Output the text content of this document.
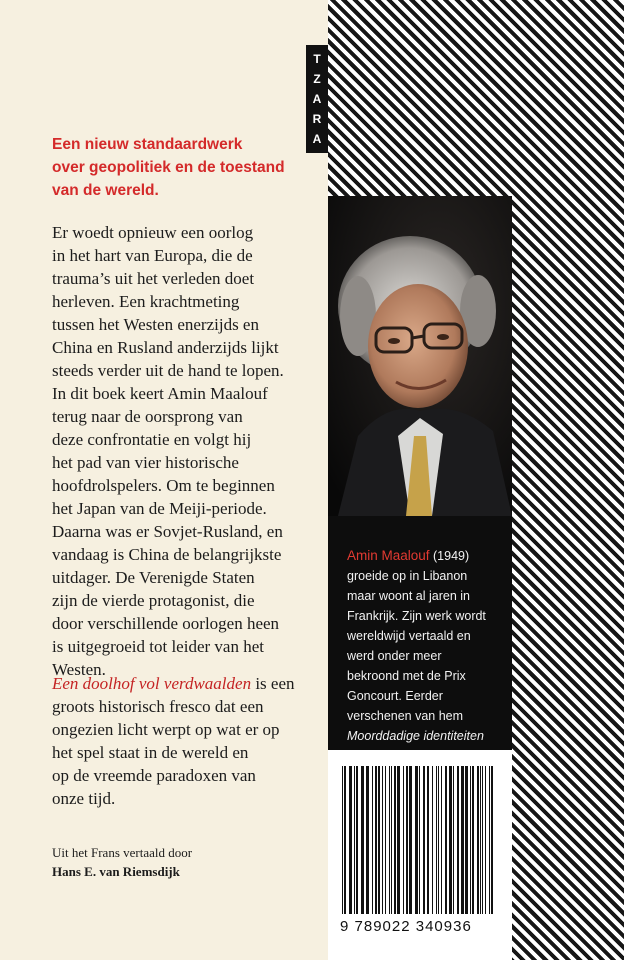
Een nieuw standaardwerk
over geopolitiek en de toestand
van de wereld.
Er woedt opnieuw een oorlog
in het hart van Europa, die de
trauma’s uit het verleden doet
herleven. Een krachtmeting
tussen het Westen enerzijds en
China en Rusland anderzijds lijkt
steeds verder uit de hand te lopen.
In dit boek keert Amin Maalouf
terug naar de oorsprong van
deze confrontatie en volgt hij
het pad van vier historische
hoofdrolspelers. Om te beginnen
het Japan van de Meiji-periode.
Daarna was er Sovjet-Rusland, en
vandaag is China de belangrijkste
uitdager. De Verenigde Staten
zijn de vierde protagonist, die
door verschillende oorlogen heen
is uitgegroeid tot leider van het
Westen.
Een doolhof vol verdwaalden is een
groots historisch fresco dat een
ongezien licht werpt op wat er op
het spel staat in de wereld en
op de vreemde paradoxen van
onze tijd.
Uit het Frans vertaald door
Hans E. van Riemsdijk
T
Z
A
R
A
Amin Maalouf (1949)
groeide op in Libanon
maar woont al jaren in
Frankrijk. Zijn werk wordt
wereldwijd vertaald en
werd onder meer
bekroond met de Prix
Goncourt. Eerder
verschenen van hem
Moorddadige identiteiten
9 789022 340936
